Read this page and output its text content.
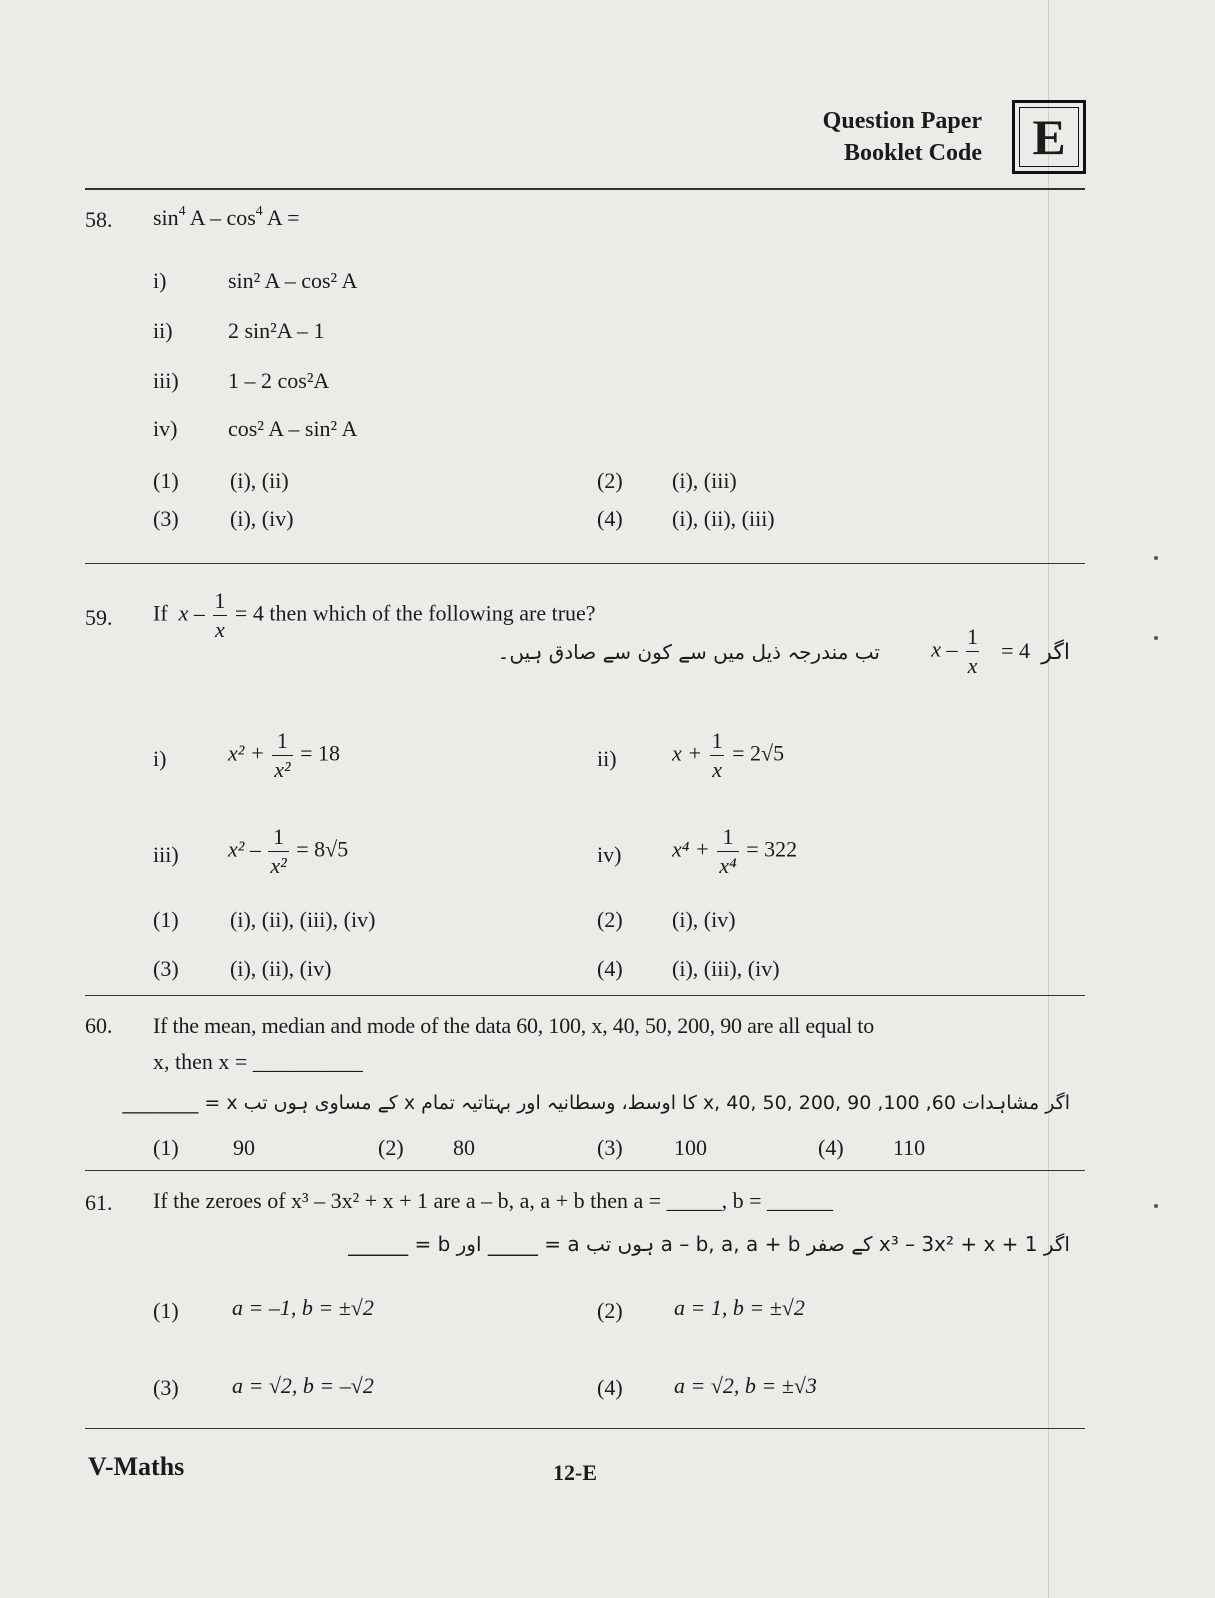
Question Paper
Booklet Code E
58. $\sin^4 A - \cos^4 A$ =
i)	sin² A – cos² A
ii)	2 sin²A – 1
iii) 1 – 2 cos²A
iv) cos² A – sin² A
(1) (i), (ii)	(2) (i), (iii)
(3) (i), (iv)	(4) (i), (ii), (iii)
59. If $x - \frac{1}{x} = 4$ then which of the following are true?
اگر
= 4
x – $\frac{1}{x}$
تب مندرجہ ذیل میں سے کون سے صادق ہیں۔
i)	$x^2 + \frac{1}{\text{x²}} = 18$	ii)	$x + \frac{1}{x} = 2√5$
iii) $x^2 - \frac{1}{\text{x²}} = 8√5$	iv) $x^4 + \frac{1}{\text{x⁴}} = 322$
(1) (i), (ii), (iii), (iv)	(2) (i), (iv)
(3) (i), (ii), (iv)	(4) (i), (iii), (iv)
60. If the mean, median and mode of the data 60, 100, x, 40, 50, 200, 90 are all equal to
x, then x = __________
اگر مشاہدات 60, 100, x, 40, 50, 200, 90 کا اوسط، وسطانیہ اور بہتاتیہ تمام x کے مساوی ہوں تب x = ________
(1) 90	(2) 80	(3) 100	(4) 110
61. If the zeroes of x³ – 3x² + x + 1 are a – b, a, a + b then a = _____, b = ______
اگر x³ – 3x² + x + 1 کے صفر a – b, a, a + b ہوں تب a = _____ اور b = ______
(1) a = –1, b = ±√2	(2) a = 1, b = ±√2
(3) a = √2, b = –√2	(4) a = √2, b = ±√3
V-Maths	12-E
